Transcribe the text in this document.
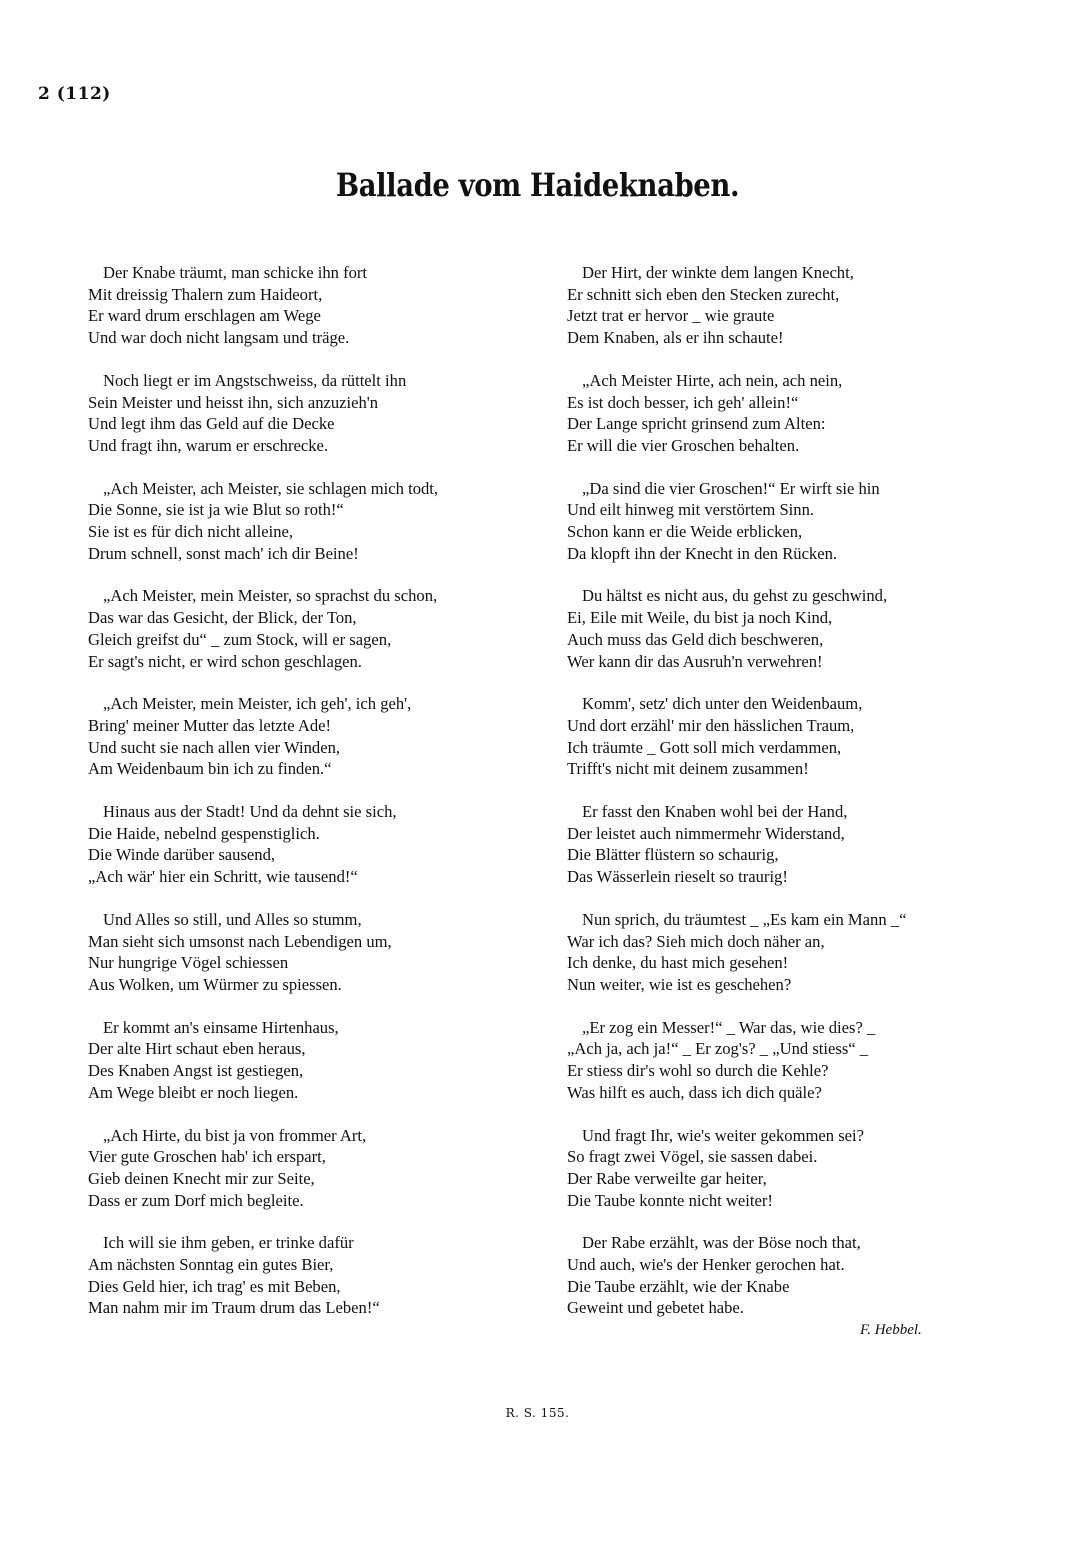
2 (112)
Ballade vom Haideknaben.
Der Knabe träumt, man schicke ihn fort
Mit dreissig Thalern zum Haideort,
Er ward drum erschlagen am Wege
Und war doch nicht langsam und träge.
Noch liegt er im Angstschweiss, da rüttelt ihn
Sein Meister und heisst ihn, sich anzuzieh'n
Und legt ihm das Geld auf die Decke
Und fragt ihn, warum er erschrecke.
„Ach Meister, ach Meister, sie schlagen mich todt,
Die Sonne, sie ist ja wie Blut so roth!“
Sie ist es für dich nicht alleine,
Drum schnell, sonst mach' ich dir Beine!
„Ach Meister, mein Meister, so sprachst du schon,
Das war das Gesicht, der Blick, der Ton,
Gleich greifst du“ _ zum Stock, will er sagen,
Er sagt's nicht, er wird schon geschlagen.
„Ach Meister, mein Meister, ich geh', ich geh',
Bring' meiner Mutter das letzte Ade!
Und sucht sie nach allen vier Winden,
Am Weidenbaum bin ich zu finden.“
Hinaus aus der Stadt! Und da dehnt sie sich,
Die Haide, nebelnd gespenstiglich.
Die Winde darüber sausend,
„Ach wär' hier ein Schritt, wie tausend!“
Und Alles so still, und Alles so stumm,
Man sieht sich umsonst nach Lebendigen um,
Nur hungrige Vögel schiessen
Aus Wolken, um Würmer zu spiessen.
Er kommt an's einsame Hirtenhaus,
Der alte Hirt schaut eben heraus,
Des Knaben Angst ist gestiegen,
Am Wege bleibt er noch liegen.
„Ach Hirte, du bist ja von frommer Art,
Vier gute Groschen hab' ich erspart,
Gieb deinen Knecht mir zur Seite,
Dass er zum Dorf mich begleite.
Ich will sie ihm geben, er trinke dafür
Am nächsten Sonntag ein gutes Bier,
Dies Geld hier, ich trag' es mit Beben,
Man nahm mir im Traum drum das Leben!“
Der Hirt, der winkte dem langen Knecht,
Er schnitt sich eben den Stecken zurecht,
Jetzt trat er hervor _ wie graute
Dem Knaben, als er ihn schaute!
„Ach Meister Hirte, ach nein, ach nein,
Es ist doch besser, ich geh' allein!“
Der Lange spricht grinsend zum Alten:
Er will die vier Groschen behalten.
„Da sind die vier Groschen!“ Er wirft sie hin
Und eilt hinweg mit verstörtem Sinn.
Schon kann er die Weide erblicken,
Da klopft ihn der Knecht in den Rücken.
Du hältst es nicht aus, du gehst zu geschwind,
Ei, Eile mit Weile, du bist ja noch Kind,
Auch muss das Geld dich beschweren,
Wer kann dir das Ausruh'n verwehren!
Komm', setz' dich unter den Weidenbaum,
Und dort erzähl' mir den hässlichen Traum,
Ich träumte _ Gott soll mich verdammen,
Trifft's nicht mit deinem zusammen!
Er fasst den Knaben wohl bei der Hand,
Der leistet auch nimmermehr Widerstand,
Die Blätter flüstern so schaurig,
Das Wässerlein rieselt so traurig!
Nun sprich, du träumtest _ „Es kam ein Mann _“
War ich das? Sieh mich doch näher an,
Ich denke, du hast mich gesehen!
Nun weiter, wie ist es geschehen?
„Er zog ein Messer!“ _ War das, wie dies? _
„Ach ja, ach ja!“ _ Er zog's? _ „Und stiess“ _
Er stiess dir's wohl so durch die Kehle?
Was hilft es auch, dass ich dich quäle?
Und fragt Ihr, wie's weiter gekommen sei?
So fragt zwei Vögel, sie sassen dabei.
Der Rabe verweilte gar heiter,
Die Taube konnte nicht weiter!
Der Rabe erzählt, was der Böse noch that,
Und auch, wie's der Henker gerochen hat.
Die Taube erzählt, wie der Knabe
Geweint und gebetet habe.
F. Hebbel.
R. S. 155.
